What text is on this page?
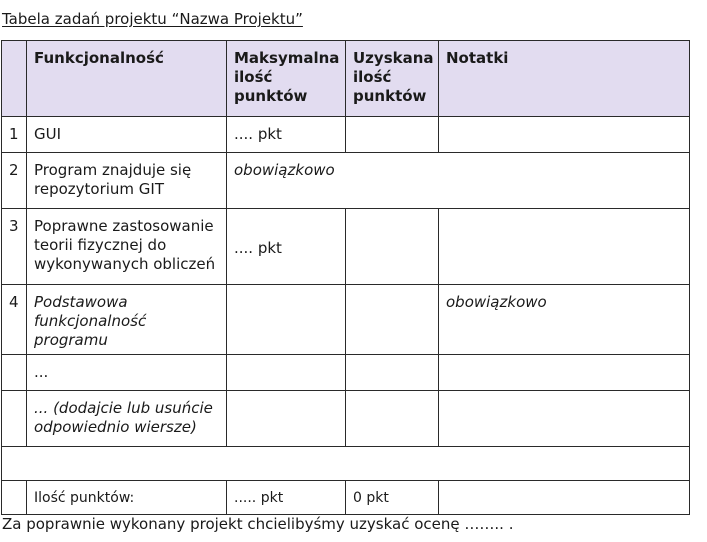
Tabela zadań projektu “Nazwa Projektu”
	Funkcjonalność	Maksymalna ilość punktów	Uzyskana ilość punktów	Notatki
1	GUI	.... pkt		
2	Program znajduje się repozytorium GIT	obowiązkowo		
3	Poprawne zastosowanie teorii fizycznej do wykonywanych obliczeń	.... pkt		
4	Podstawowa funkcjonalność programu			obowiązkowo
	...			
	... (dodajcie lub usuńcie odpowiednio wiersze)			

	Ilość punktów:	..... pkt	0 pkt	
Za poprawnie wykonany projekt chcielibyśmy uzyskać ocenę …….. .
